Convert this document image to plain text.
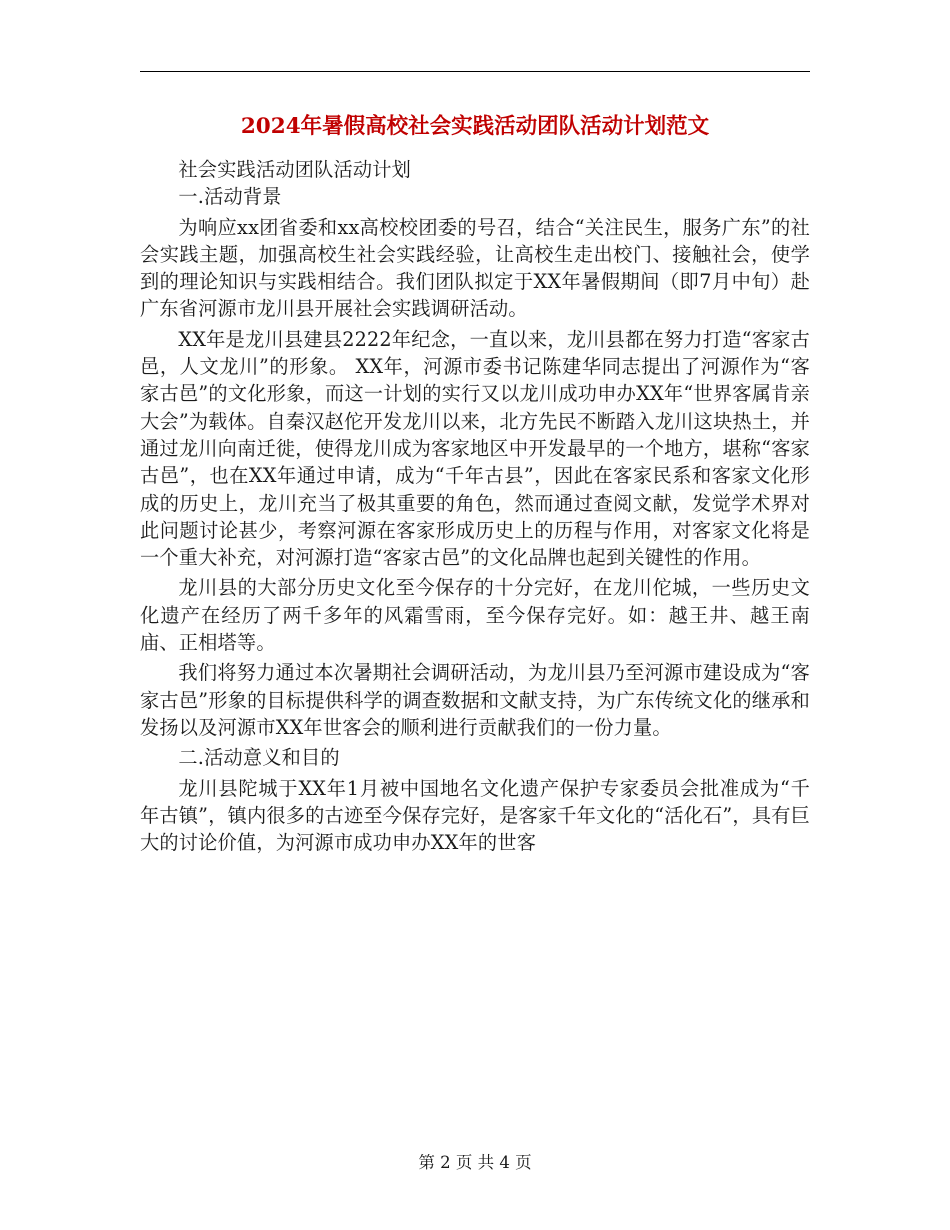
2024年暑假高校社会实践活动团队活动计划范文

社会实践活动团队活动计划

一.活动背景

为响应xx团省委和xx高校校团委的号召，结合“关注民生，服务广东”的社会实践主题，加强高校生社会实践经验，让高校生走出校门、接触社会，使学到的理论知识与实践相结合。我们团队拟定于XX年暑假期间（即7月中旬）赴广东省河源市龙川县开展社会实践调研活动。

XX年是龙川县建县2222年纪念，一直以来，龙川县都在努力打造“客家古邑，人文龙川”的形象。 XX年，河源市委书记陈建华同志提出了河源作为“客家古邑”的文化形象，而这一计划的实行又以龙川成功申办XX年“世界客属肯亲大会”为载体。自秦汉赵佗开发龙川以来，北方先民不断踏入龙川这块热土，并通过龙川向南迁徙，使得龙川成为客家地区中开发最早的一个地方，堪称“客家古邑”，也在XX年通过申请，成为“千年古县”，因此在客家民系和客家文化形成的历史上，龙川充当了极其重要的角色，然而通过查阅文献，发觉学术界对此问题讨论甚少，考察河源在客家形成历史上的历程与作用，对客家文化将是一个重大补充，对河源打造“客家古邑”的文化品牌也起到关键性的作用。

龙川县的大部分历史文化至今保存的十分完好，在龙川佗城，一些历史文化遗产在经历了两千多年的风霜雪雨，至今保存完好。如：越王井、越王南庙、正相塔等。

我们将努力通过本次暑期社会调研活动，为龙川县乃至河源市建设成为“客家古邑”形象的目标提供科学的调查数据和文献支持，为广东传统文化的继承和发扬以及河源市XX年世客会的顺利进行贡献我们的一份力量。

二.活动意义和目的

龙川县陀城于XX年1月被中国地名文化遗产保护专家委员会批准成为“千年古镇”，镇内很多的古迹至今保存完好，是客家千年文化的“活化石”，具有巨大的讨论价值，为河源市成功申办XX年的世客

第 2 页 共 4 页
